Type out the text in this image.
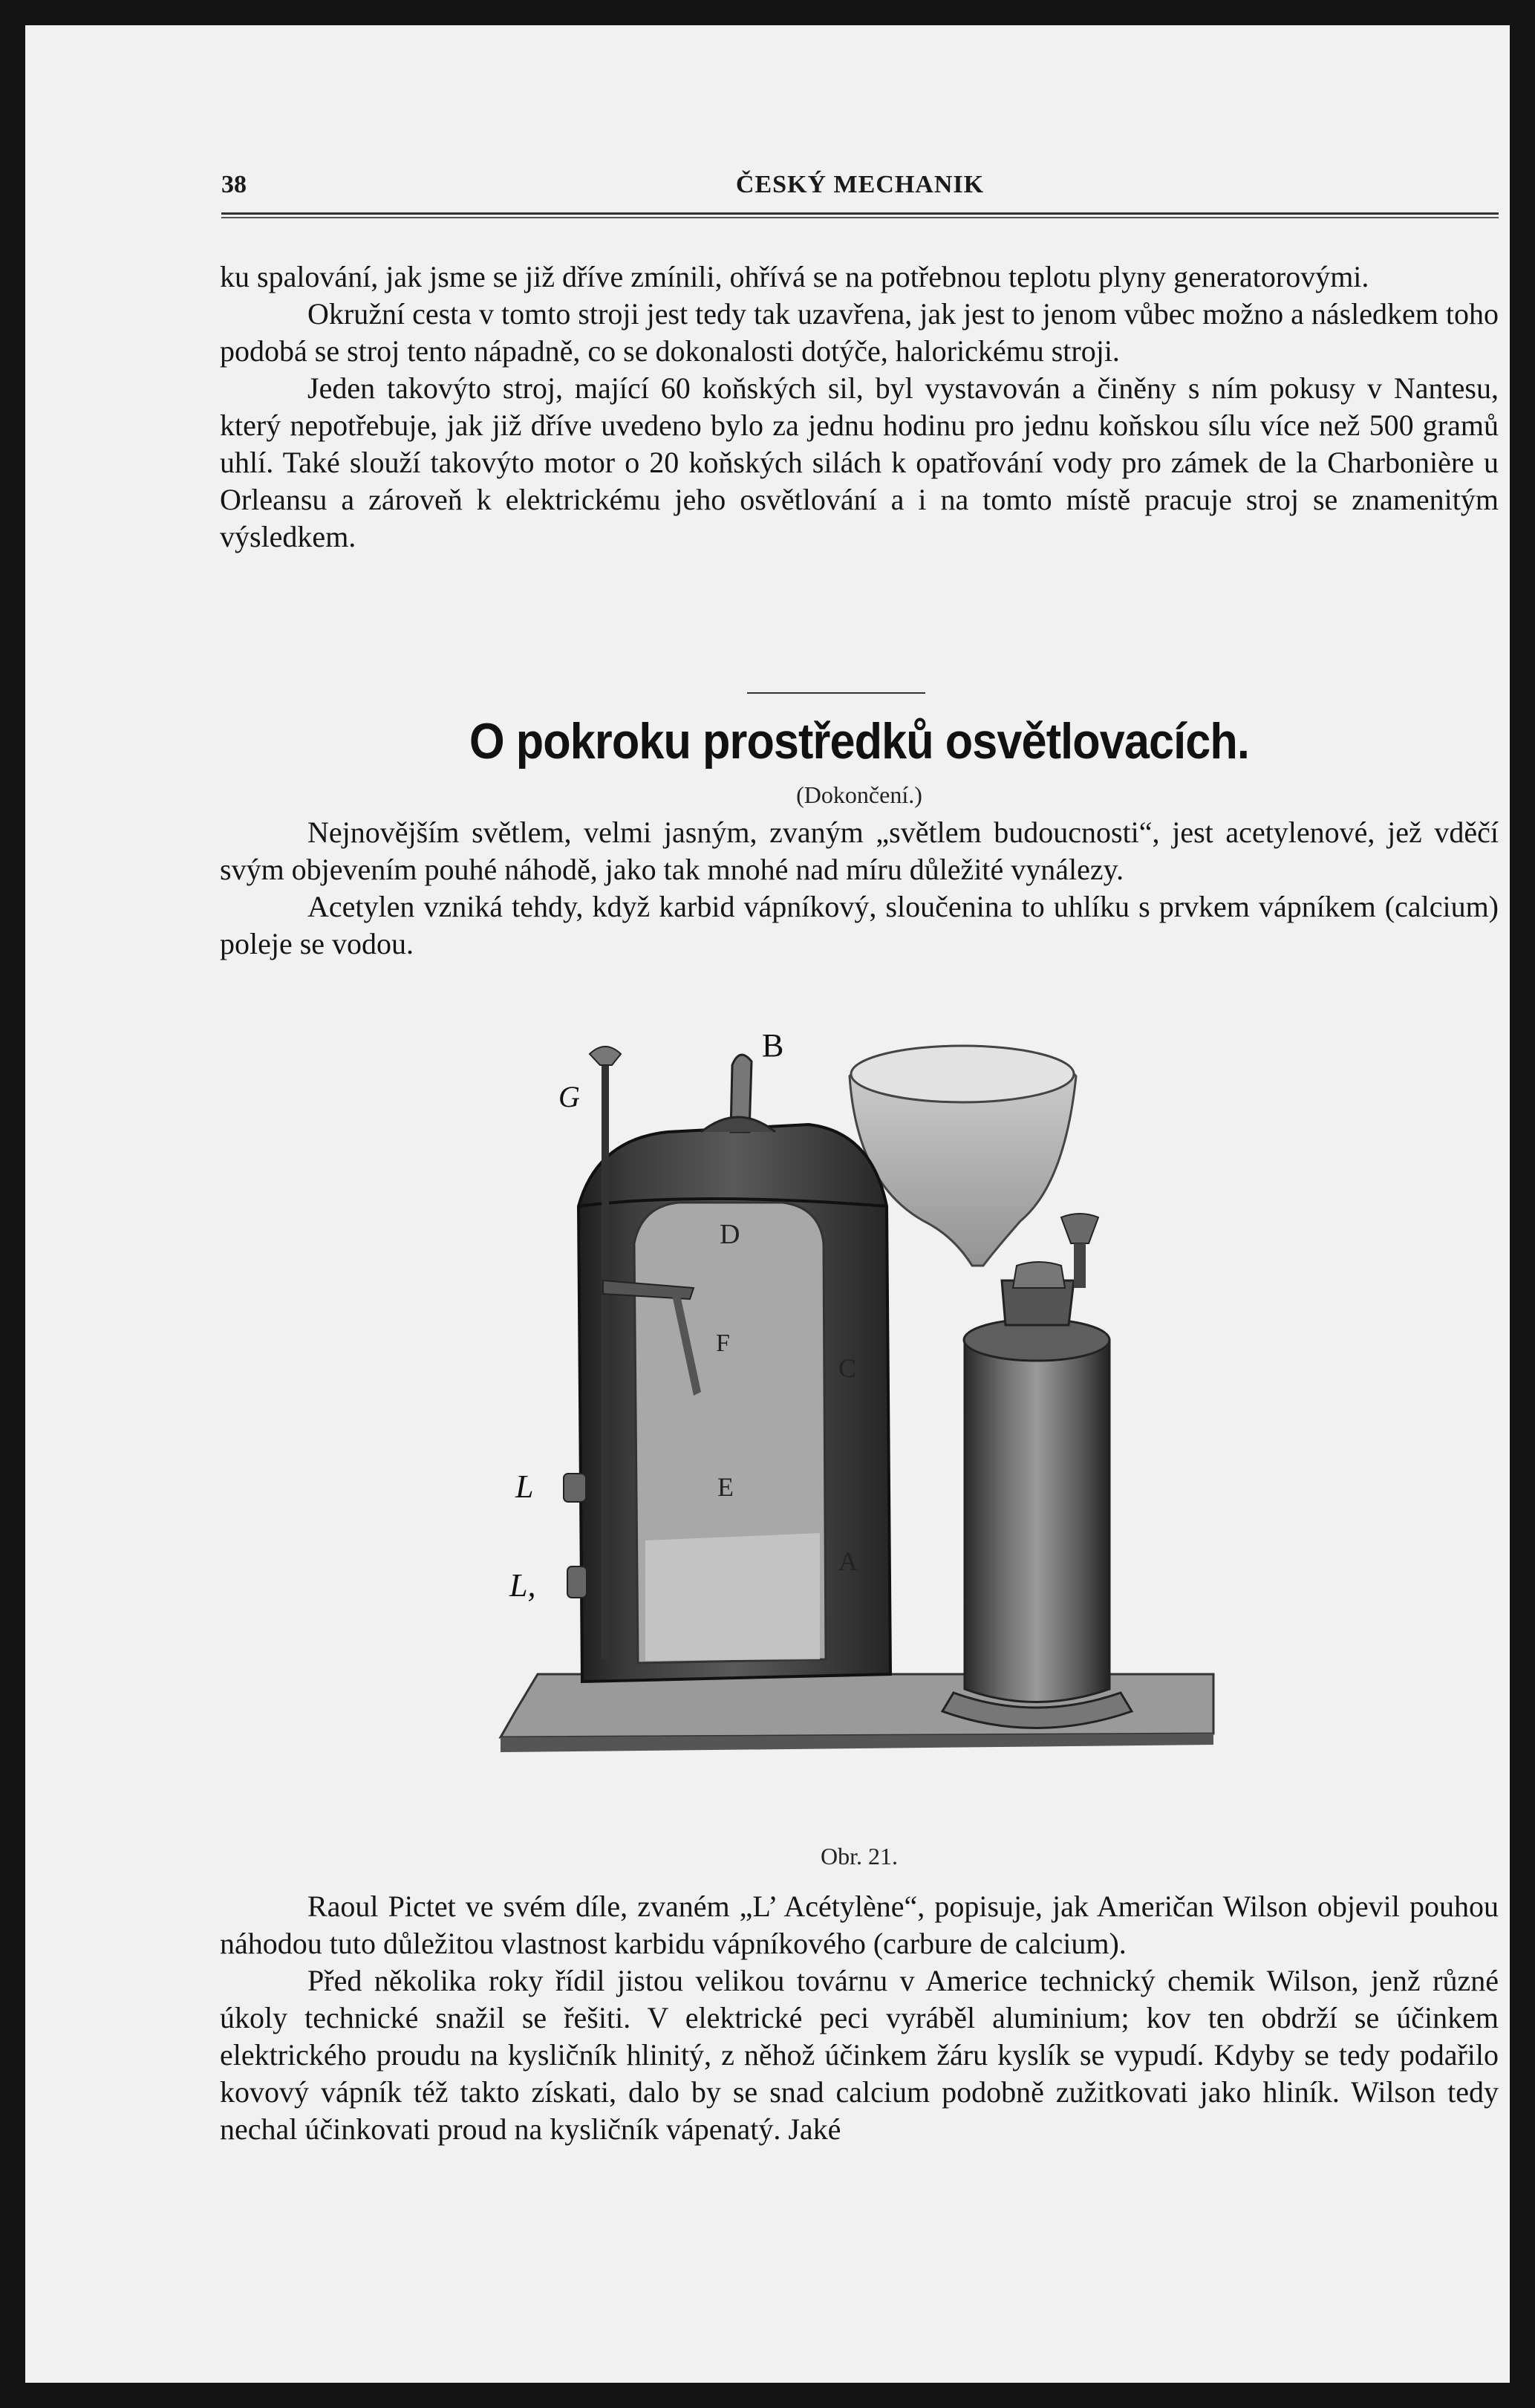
38	ČESKÝ MECHANIK

ku spalování, jak jsme se již dříve zmínili, ohřívá se na potřebnou teplotu plyny generatorovými.

Okružní cesta v tomto stroji jest tedy tak uzavřena, jak jest to jenom vůbec možno a následkem toho podobá se stroj tento nápadně, co se dokonalosti dotýče, halorickému stroji.

Jeden takovýto stroj, mající 60 koňských sil, byl vystavován a činěny s ním pokusy v Nantesu, který nepotřebuje, jak již dříve uvedeno bylo za jednu hodinu pro jednu koňskou sílu více než 500 gramů uhlí. Také slouží takovýto motor o 20 koňských silách k opatřování vody pro zámek de la Charbonière u Orleansu a zároveň k elektrickému jeho osvětlování a i na tomto místě pracuje stroj se znamenitým výsledkem.

O pokroku prostředků osvětlovacích.
(Dokončení.)

Nejnovějším světlem, velmi jasným, zvaným „světlem budoucnosti“, jest acetylenové, jež vděčí svým objevením pouhé náhodě, jako tak mnohé nad míru důležité vynálezy.

Acetylen vzniká tehdy, když karbid vápníkový, sloučenina to uhlíku s prvkem vápníkem (calcium) poleje se vodou.

B
G
D
F
C
E
A
L
L,
Obr. 21.

Raoul Pictet ve svém díle, zvaném „L’ Acétylène“, popisuje, jak Američan Wilson objevil pouhou náhodou tuto důležitou vlastnost karbidu vápníkového (carbure de calcium).

Před několika roky řídil jistou velikou továrnu v Americe technický chemik Wilson, jenž různé úkoly technické snažil se řešiti. V elektrické peci vyráběl aluminium; kov ten obdrží se účinkem elektrického proudu na kysličník hlinitý, z něhož účinkem žáru kyslík se vypudí. Kdyby se tedy podařilo kovový vápník též takto získati, dalo by se snad calcium podobně zužitkovati jako hliník. Wilson tedy nechal účinkovati proud na kysličník vápenatý. Jaké
